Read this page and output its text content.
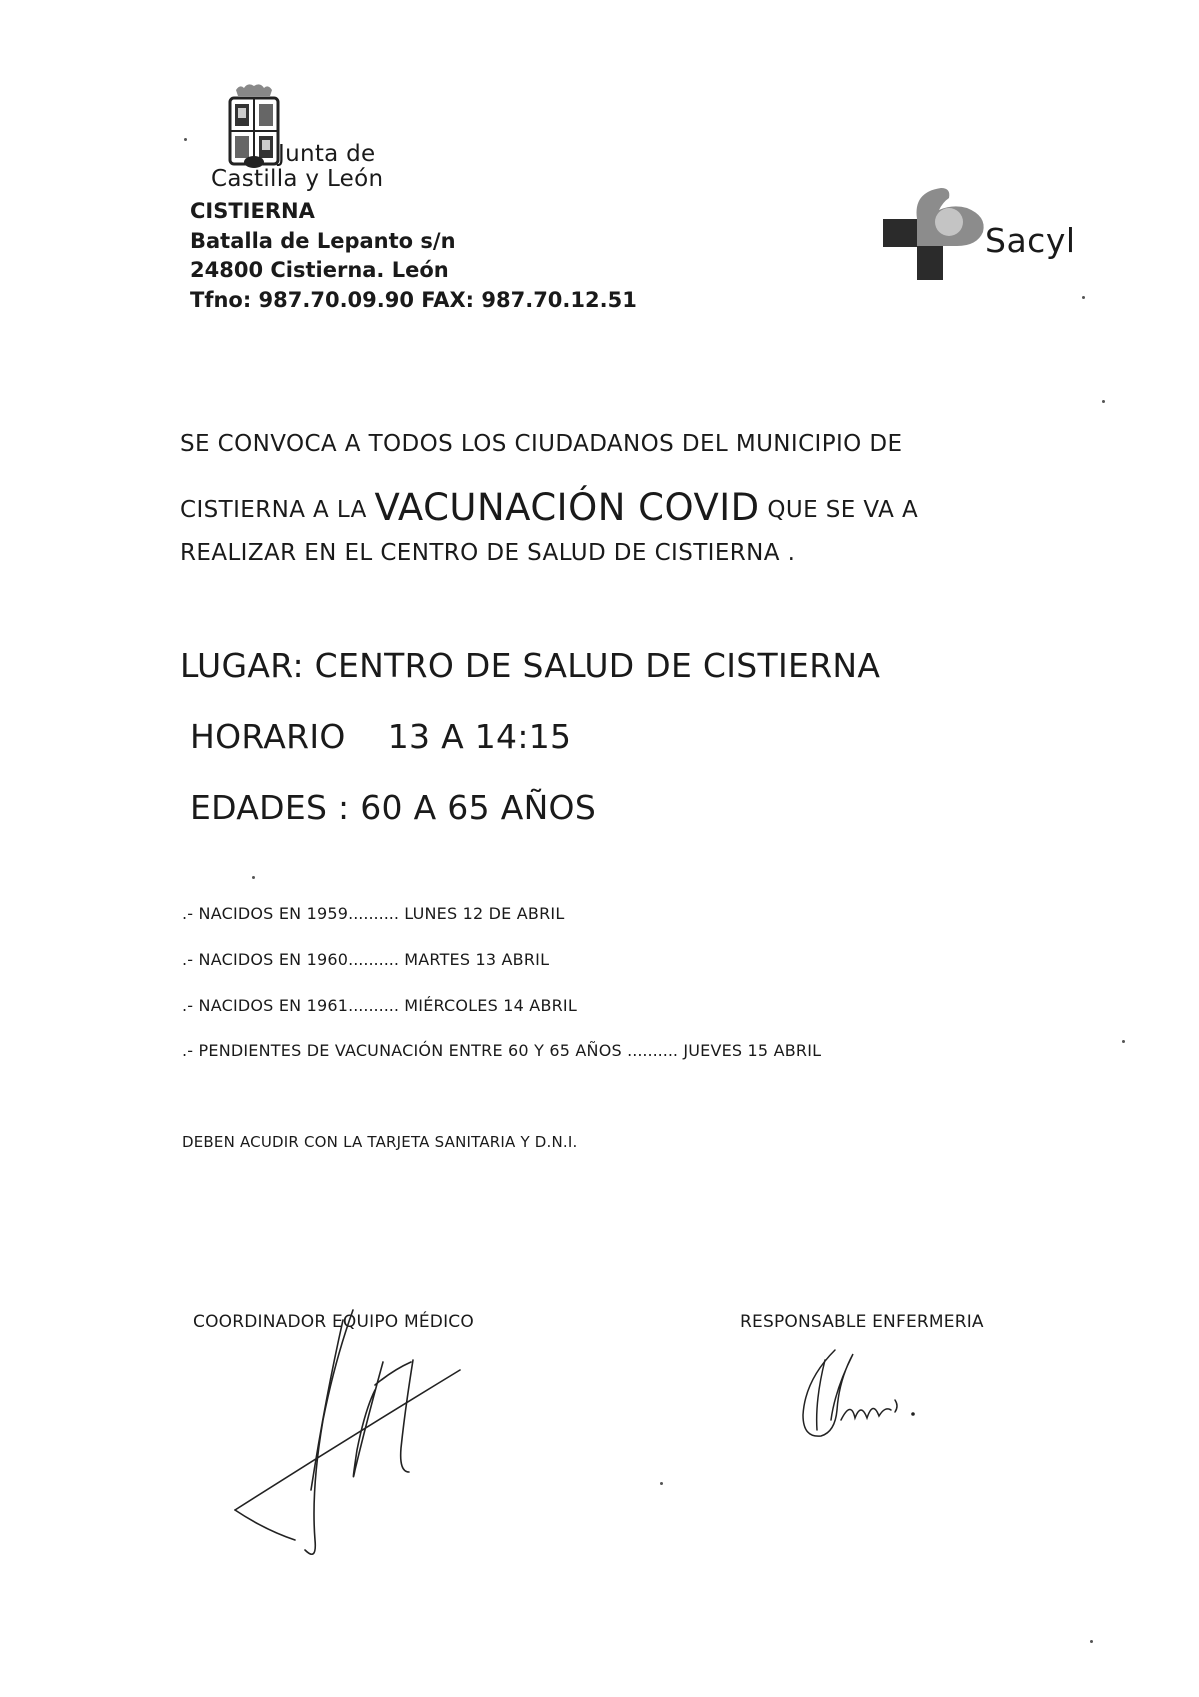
Junta de
Castilla y León
CISTIERNA
Batalla de Lepanto s/n
24800 Cistierna. León
Tfno: 987.70.09.90 FAX: 987.70.12.51
Sacyl
SE CONVOCA A TODOS LOS CIUDADANOS DEL MUNICIPIO DE
CISTIERNA A LA VACUNACIÓN COVID QUE SE VA A
REALIZAR EN EL CENTRO DE SALUD DE CISTIERNA .
LUGAR: CENTRO DE SALUD DE CISTIERNA
HORARIO 13 A 14:15
EDADES : 60 A 65 AÑOS
.- NACIDOS EN 1959.......... LUNES 12 DE ABRIL
.- NACIDOS EN 1960.......... MARTES 13 ABRIL
.- NACIDOS EN 1961.......... MIÉRCOLES 14 ABRIL
.- PENDIENTES DE VACUNACIÓN ENTRE 60 Y 65 AÑOS .......... JUEVES 15 ABRIL
DEBEN ACUDIR CON LA TARJETA SANITARIA Y D.N.I.
COORDINADOR EQUIPO MÉDICO	RESPONSABLE ENFERMERIA
